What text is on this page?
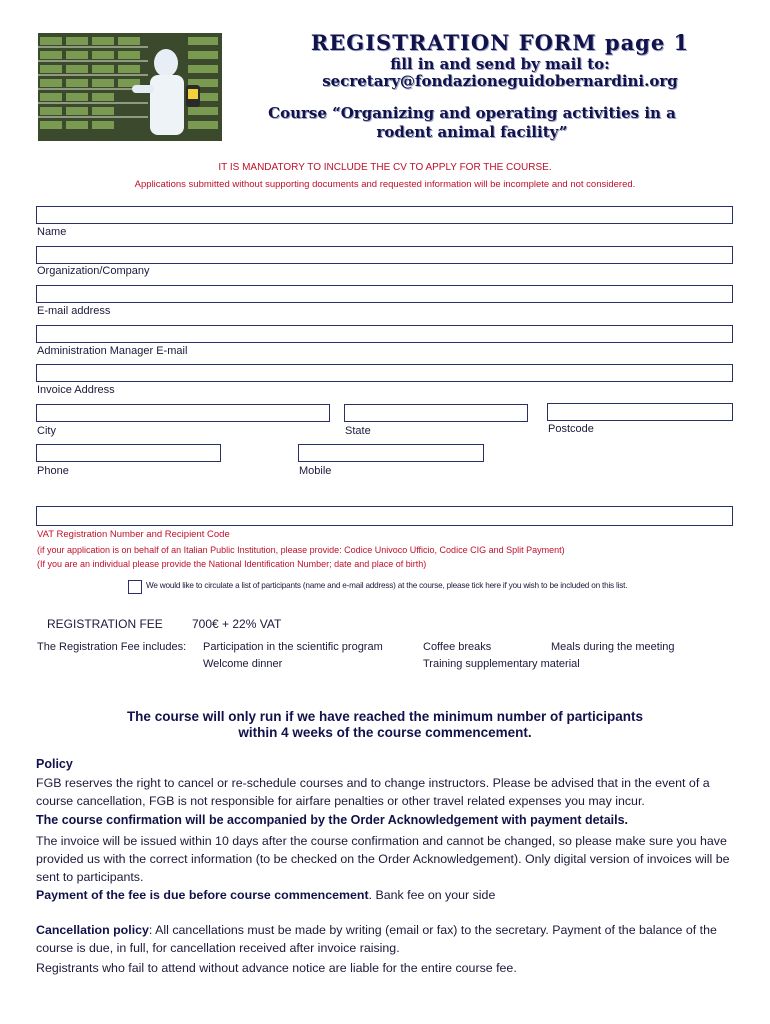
REGISTRATION FORM page 1
fill in and send by mail to:
secretary@fondazioneguidobernardini.org
Course “Organizing and operating activities in a
rodent animal facility”
IT IS MANDATORY TO INCLUDE THE CV TO APPLY FOR THE COURSE.
Applications submitted without supporting documents and requested information will be incomplete and not considered.
Name
Organization/Company
E-mail address
Administration Manager E-mail
Invoice Address
City	State	Postcode
Phone	Mobile
VAT Registration Number and Recipient Code
(if your application is on behalf of an Italian Public Institution, please provide: Codice Univoco Ufficio, Codice CIG and Split Payment)
(If you are an individual please provide the National Identification Number; date and place of birth)
We would like to circulate a list of participants (name and e-mail address) at the course, please tick here if you wish to be included on this list.
REGISTRATION FEE 700€ + 22% VAT
The Registration Fee includes: Participation in the scientific program	Coffee breaks	Meals during the meeting
Welcome dinner	Training supplementary material
The course will only run if we have reached the minimum number of participants
within 4 weeks of the course commencement.
Policy
FGB reserves the right to cancel or re-schedule courses and to change instructors. Please be advised that in the event of a course cancellation, FGB is not responsible for airfare penalties or other travel related expenses you may incur.
The course confirmation will be accompanied by the Order Acknowledgement with payment details.
The invoice will be issued within 10 days after the course confirmation and cannot be changed, so please make sure you have provided us with the correct information (to be checked on the Order Acknowledgement). Only digital version of invoices will be sent to participants.
Payment of the fee is due before course commencement. Bank fee on your side
Cancellation policy: All cancellations must be made by writing (email or fax) to the secretary. Payment of the balance of the course is due, in full, for cancellation received after invoice raising.
Registrants who fail to attend without advance notice are liable for the entire course fee.
